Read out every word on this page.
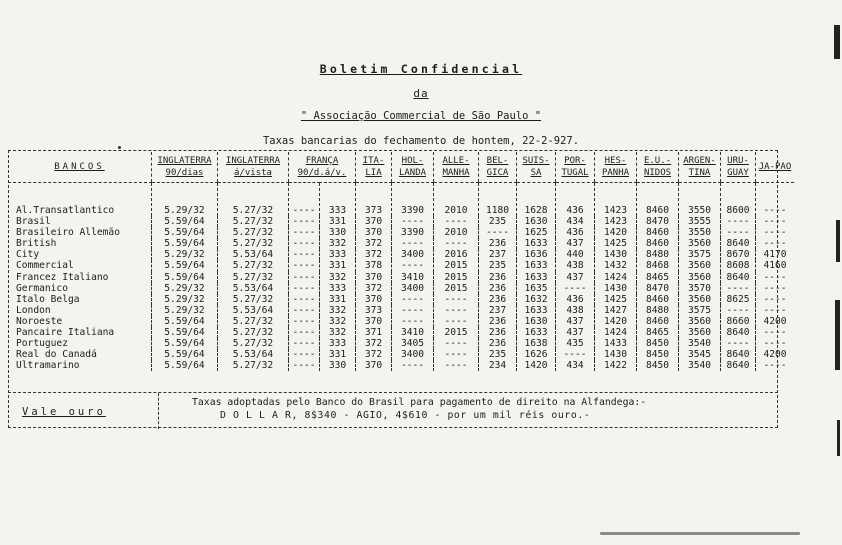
Boletim Confidencial
da
" Associação Commercial de São Paulo "
Taxas bancarias do fechamento de hontem, 22-2-927.
BANCOS	INGLATERRA 90/dias	INGLATERRA á/vista	FRANÇA 90/d.á/v.		ITA-LIA	HOL-LANDA	ALLE-MANHA	BEL-GICA	SUIS-SA	POR-TUGAL	HES-PANHA	E.U.-NIDOS	ARGEN-TINA	URU-GUAY	JA-PAO
Al.Transatlantico	5.29/32	5.27/32	----	333	373	3390	2010	1180	1628	436	1423	8460	3550	8600	----
Brasil	5.59/64	5.27/32	----	331	370	----	----	235	1630	434	1423	8470	3555	----	----
Brasileiro Allemão	5.59/64	5.27/32	----	330	370	3390	2010	----	1625	436	1420	8460	3550	----	----
British	5.59/64	5.27/32	----	332	372	----	----	236	1633	437	1425	8460	3560	8640	----
City	5.29/32	5.53/64	----	333	372	3400	2016	237	1636	440	1430	8480	3575	8670	4170
Commercial	5.59/64	5.27/32	----	331	378	----	2015	235	1633	438	1432	8468	3560	8608	4160
Francez Italiano	5.59/64	5.27/32	----	332	370	3410	2015	236	1633	437	1424	8465	3560	8640	----
Germanico	5.29/32	5.53/64	----	333	372	3400	2015	236	1635	----	1430	8470	3570	----	----
Italo Belga	5.29/32	5.27/32	----	331	370	----	----	236	1632	436	1425	8460	3560	8625	----
London	5.29/32	5.53/64	----	332	373	----	----	237	1633	438	1427	8480	3575	----	----
Noroeste	5.59/64	5.27/32	----	332	370	----	----	236	1630	437	1420	8460	3560	8660	4200
Pancaire Italiana	5.59/64	5.27/32	----	332	371	3410	2015	236	1633	437	1424	8465	3560	8640	----
Portuguez	5.59/64	5.27/32	----	333	372	3405	----	236	1638	435	1433	8450	3540	----	----
Real do Canadá	5.59/64	5.53/64	----	331	372	3400	----	235	1626	----	1430	8450	3545	8640	4200
Ultramarino	5.59/64	5.27/32	----	330	370	----	----	234	1420	434	1422	8450	3540	8640	----
Vale ouro
Taxas adoptadas pelo Banco do Brasil para pagamento de direito na Alfandega:-
D O L L A R, 8$340 - AGIO, 4$610 - por um mil réis ouro.-
